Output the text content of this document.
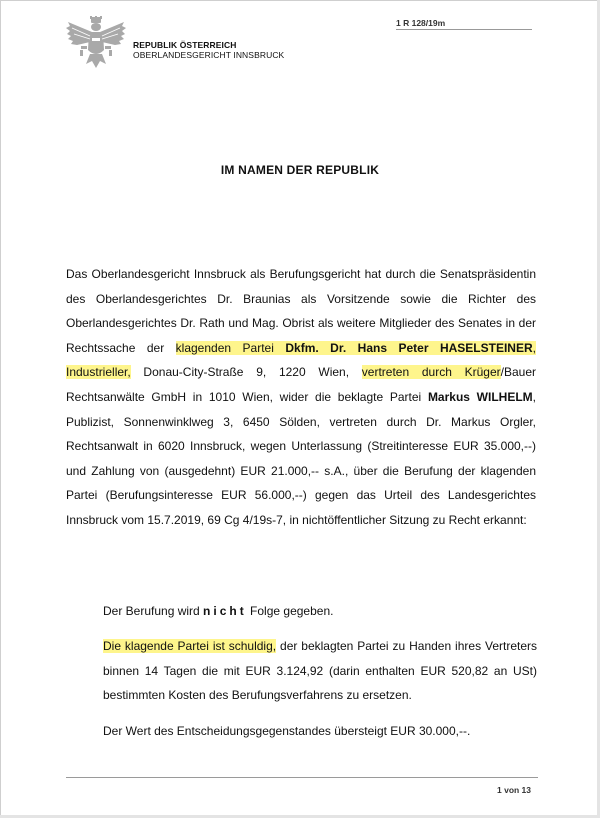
REPUBLIK ÖSTERREICH
OBERLANDESGERICHT INNSBRUCK
1 R 128/19m
IM NAMEN DER REPUBLIK

Das Oberlandesgericht Innsbruck als Berufungsgericht hat durch die Senatspräsidentin des Oberlandesgerichtes Dr. Braunias als Vorsitzende sowie die Richter des Oberlandesgerichtes Dr. Rath und Mag. Obrist als weitere Mitglieder des Senates in der Rechtssache der klagenden Partei Dkfm. Dr. Hans Peter HASELSTEINER, Industrieller, Donau-City-Straße 9, 1220 Wien, vertreten durch Krüger/Bauer Rechtsanwälte GmbH in 1010 Wien, wider die beklagte Partei Markus WILHELM, Publizist, Sonnenwinklweg 3, 6450 Sölden, vertreten durch Dr. Markus Orgler, Rechtsanwalt in 6020 Innsbruck, wegen Unterlassung (Streitinteresse EUR 35.000,--) und Zahlung von (ausgedehnt) EUR 21.000,-- s.A., über die Berufung der klagenden Partei (Berufungsinteresse EUR 56.000,--) gegen das Urteil des Landesgerichtes Innsbruck vom 15.7.2019, 69 Cg 4/19s-7, in nichtöffentlicher Sitzung zu Recht erkannt:

Der Berufung wird nicht Folge gegeben.

Die klagende Partei ist schuldig, der beklagten Partei zu Handen ihres Vertreters binnen 14 Tagen die mit EUR 3.124,92 (darin enthalten EUR 520,82 an USt) bestimmten Kosten des Berufungsverfahrens zu ersetzen.

Der Wert des Entscheidungsgegenstandes übersteigt EUR 30.000,--.

1 von 13
